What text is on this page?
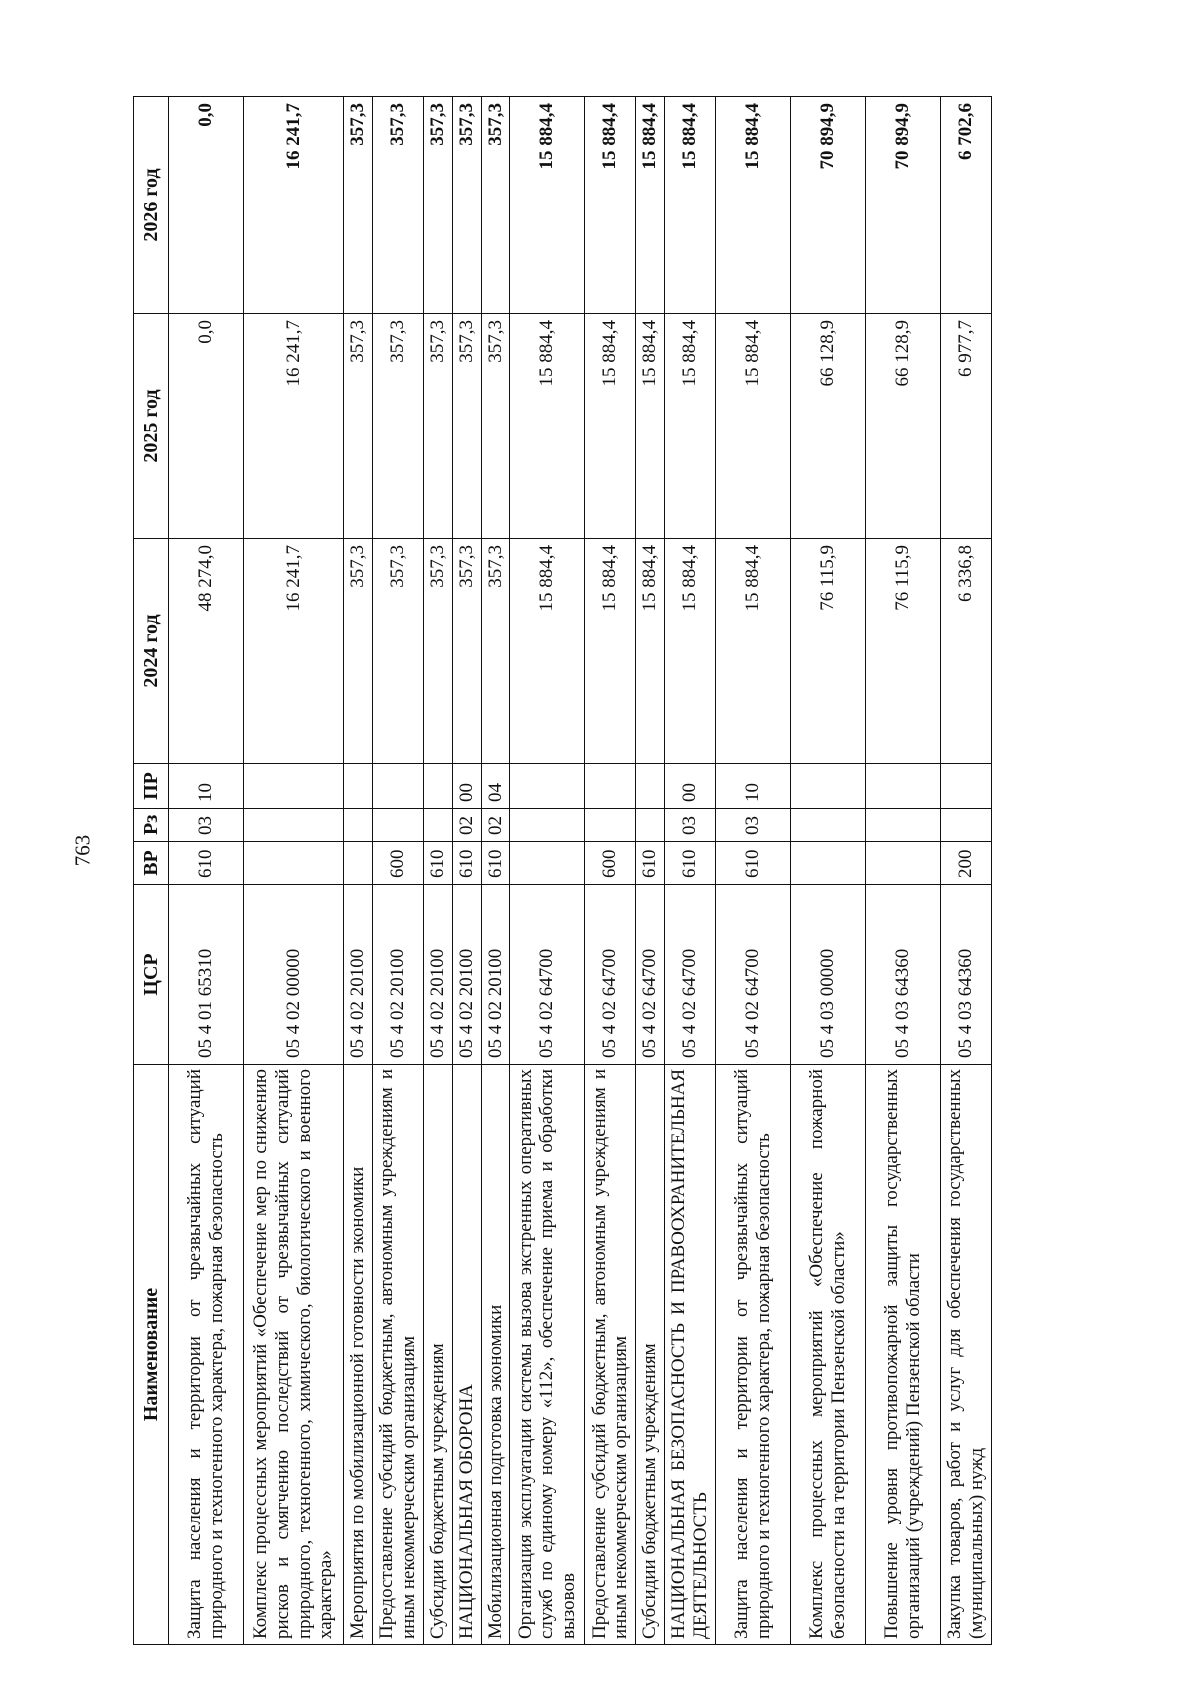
763
Наименование	ЦСР	ВР	Рз	ПР	2024 год	2025 год	2026 год
Защита населения и территории от чрезвычайных ситуаций природного и техногенного характера, пожарная безопасность	05 4 01 65310	610	03	10	48 274,0	0,0	0,0
Комплекс процессных мероприятий «Обеспечение мер по снижению рисков и смягчению последствий от чрезвычайных ситуаций природного, техногенного, химического, биологического и военного характера»	05 4 02 00000				16 241,7	16 241,7	16 241,7
Мероприятия по мобилизационной готовности экономики	05 4 02 20100				357,3	357,3	357,3
Предоставление субсидий бюджетным, автономным учреждениям и иным некоммерческим организациям	05 4 02 20100	600			357,3	357,3	357,3
Субсидии бюджетным учреждениям	05 4 02 20100	610			357,3	357,3	357,3
НАЦИОНАЛЬНАЯ ОБОРОНА	05 4 02 20100	610	02	00	357,3	357,3	357,3
Мобилизационная подготовка экономики	05 4 02 20100	610	02	04	357,3	357,3	357,3
Организация эксплуатации системы вызова экстренных оперативных служб по единому номеру «112», обеспечение приема и обработки вызовов	05 4 02 64700				15 884,4	15 884,4	15 884,4
Предоставление субсидий бюджетным, автономным учреждениям и иным некоммерческим организациям	05 4 02 64700	600			15 884,4	15 884,4	15 884,4
Субсидии бюджетным учреждениям	05 4 02 64700	610			15 884,4	15 884,4	15 884,4
НАЦИОНАЛЬНАЯ БЕЗОПАСНОСТЬ И ПРАВООХРАНИТЕЛЬНАЯ ДЕЯТЕЛЬНОСТЬ	05 4 02 64700	610	03	00	15 884,4	15 884,4	15 884,4
Защита населения и территории от чрезвычайных ситуаций природного и техногенного характера, пожарная безопасность	05 4 02 64700	610	03	10	15 884,4	15 884,4	15 884,4
Комплекс процессных мероприятий «Обеспечение пожарной безопасности на территории Пензенской области»	05 4 03 00000				76 115,9	66 128,9	70 894,9
Повышение уровня противопожарной защиты государственных организаций (учреждений) Пензенской области	05 4 03 64360				76 115,9	66 128,9	70 894,9
Закупка товаров, работ и услуг для обеспечения государственных (муниципальных) нужд	05 4 03 64360	200			6 336,8	6 977,7	6 702,6
